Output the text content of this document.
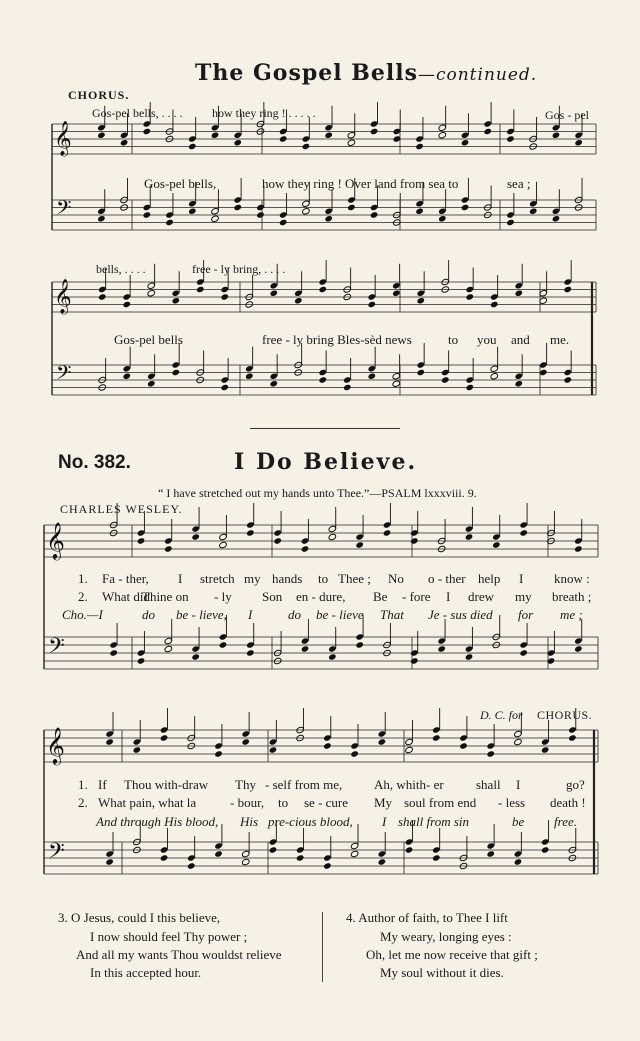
𝄞
𝄢
𝄞
𝄢
𝄞
𝄢
𝄞
𝄢
The Gospel Bells—continued.
CHORUS.
Gos-pel bells, . . . . how they ring ! . . . . .	Gos - pel
Gos-pel bells,	how they ring ! Over land from sea to	sea ;
bells, . . . .	free - ly bring, . . . .
Gos-pel bells	free - ly bring Bles-sèd news	to you and me.
No. 382.	I Do Believe.
“ I have stretched out my hands unto Thee.”—PSALM lxxxviii. 9.
CHARLES WESLEY.
1. Fa - ther, I stretch my hands to Thee ; No o - ther help I know :
2. What did
Thine on - ly Son en - dure, Be - fore I drew my breath ;
Cho.—I	do be - lieve, I	do be - lieve That Je - sus died for me ;
D. C. for CHORUS.
1. If Thou with-draw Thy - self from me, Ah, whith- er shall I	go?
2. What pain, what la	- bour, to se - cure My soul from end - less death !
And through His blood, His pre-cious blood, I shall from sin	be free.
3. O Jesus, could I this believe,
I now should feel Thy power ;
And all my wants Thou wouldst relieve
In this accepted hour.
4. Author of faith, to Thee I lift
My weary, longing eyes :
Oh, let me now receive that gift ;
My soul without it dies.
